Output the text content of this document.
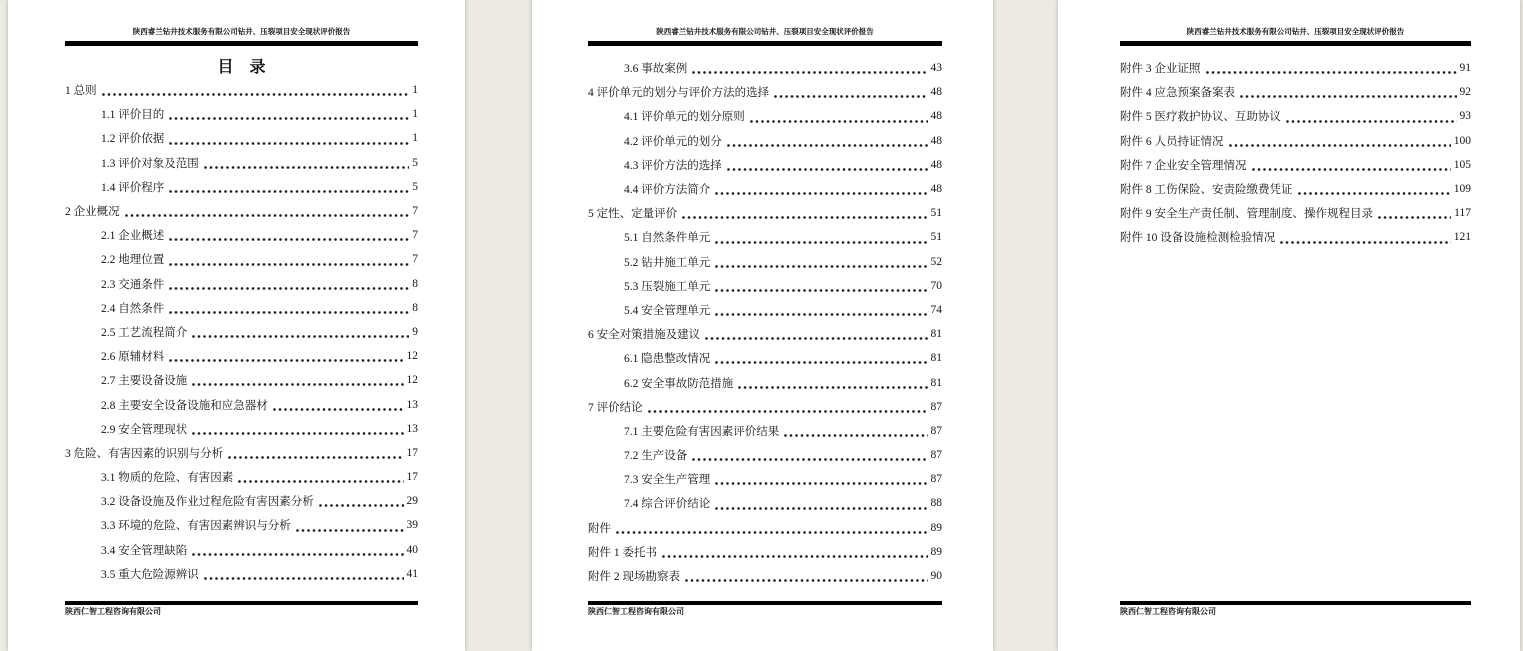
陕西睿兰钻井技术服务有限公司钻井、压裂项目安全现状评价报告
目　录
1 总则	1
1.1 评价目的	1
1.2 评价依据	1
1.3 评价对象及范围	5
1.4 评价程序	5
2 企业概况	7
2.1 企业概述	7
2.2 地理位置	7
2.3 交通条件	8
2.4 自然条件	8
2.5 工艺流程简介	9
2.6 原辅材料	12
2.7 主要设备设施	12
2.8 主要安全设备设施和应急器材	13
2.9 安全管理现状	13
3 危险、有害因素的识别与分析	17
3.1 物质的危险、有害因素	17
3.2 设备设施及作业过程危险有害因素分析	29
3.3 环境的危险、有害因素辨识与分析	39
3.4 安全管理缺陷	40
3.5 重大危险源辨识	41
陕西仁智工程咨询有限公司
陕西睿兰钻井技术服务有限公司钻井、压裂项目安全现状评价报告
3.6 事故案例	43
4 评价单元的划分与评价方法的选择	48
4.1 评价单元的划分原则	48
4.2 评价单元的划分	48
4.3 评价方法的选择	48
4.4 评价方法简介	48
5 定性、定量评价	51
5.1 自然条件单元	51
5.2 钻井施工单元	52
5.3 压裂施工单元	70
5.4 安全管理单元	74
6 安全对策措施及建议	81
6.1 隐患整改情况	81
6.2 安全事故防范措施	81
7 评价结论	87
7.1 主要危险有害因素评价结果	87
7.2 生产设备	87
7.3 安全生产管理	87
7.4 综合评价结论	88
附件	89
附件 1 委托书	89
附件 2 现场勘察表	90
陕西仁智工程咨询有限公司
陕西睿兰钻井技术服务有限公司钻井、压裂项目安全现状评价报告
附件 3 企业证照	91
附件 4 应急预案备案表	92
附件 5 医疗救护协议、互助协议	93
附件 6 人员持证情况	100
附件 7 企业安全管理情况	105
附件 8 工伤保险、安责险缴费凭证	109
附件 9 安全生产责任制、管理制度、操作规程目录	117
附件 10 设备设施检测检验情况	121
陕西仁智工程咨询有限公司
